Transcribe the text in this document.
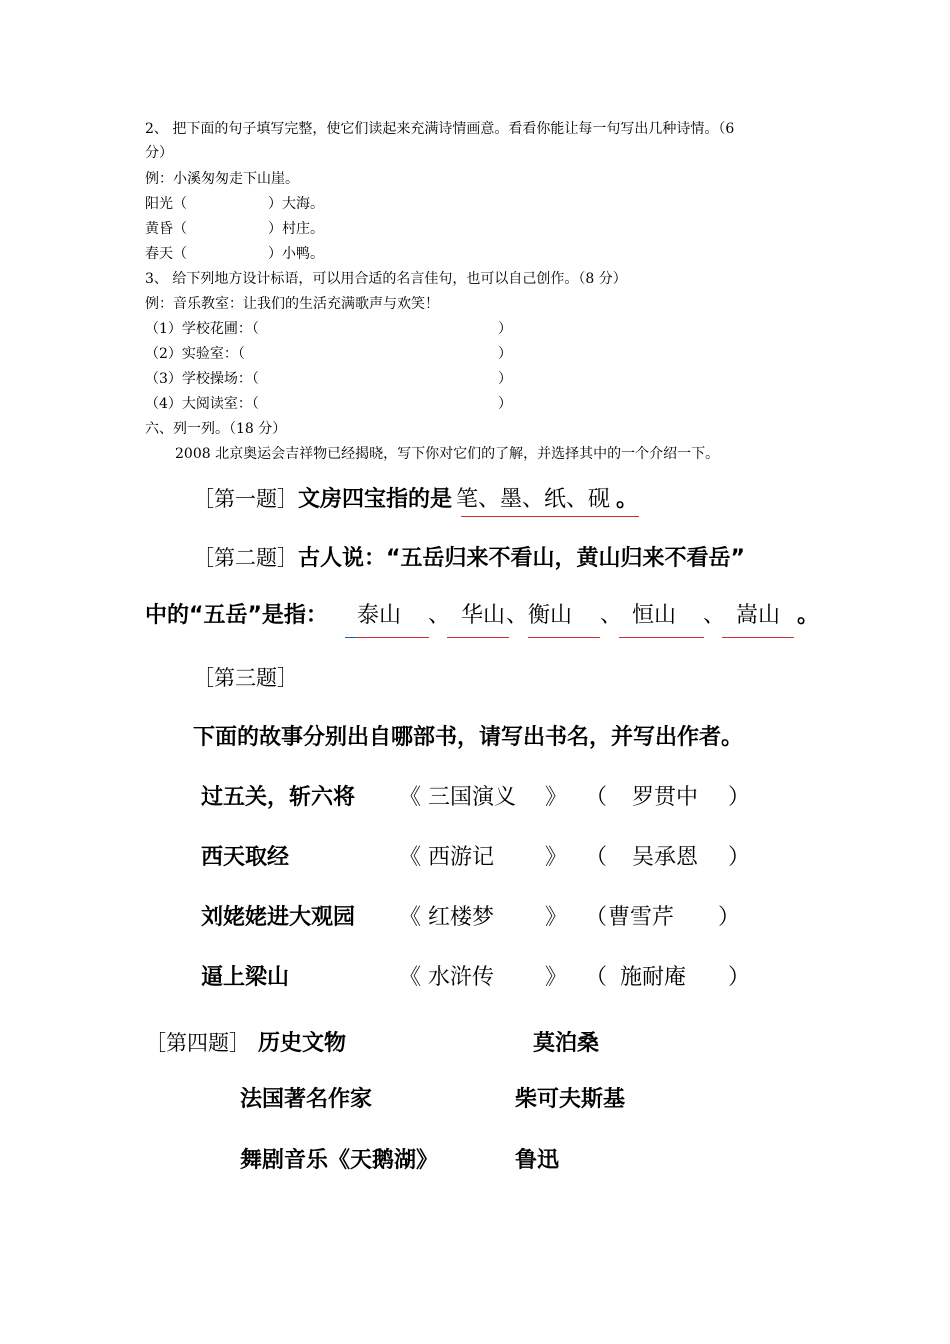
2、 把下面的句子填写完整，使它们读起来充满诗情画意。看看你能让每一句写出几种诗情。（6
分）
例：小溪匆匆走下山崖。
阳光（	）大海。
黄昏（	）村庄。
春天（	）小鸭。
3、 给下列地方设计标语，可以用合适的名言佳句，也可以自己创作。（8 分）
例：音乐教室：让我们的生活充满歌声与欢笑！
（1）学校花圃：（	）
（2）实验室：（	）
（3）学校操场：（	）
（4）大阅读室：（	）
六、列一列。（18 分）
2008 北京奥运会吉祥物已经揭晓，写下你对它们的了解，并选择其中的一个介绍一下。
［第一题］文房四宝指的是 笔、墨、纸、砚 。
［第二题］古人说：“五岳归来不看山，黄山归来不看岳”
中的“五岳”是指： 泰山 、 华山 、 衡山 、 恒山 、 嵩山 。
［第三题］
下面的故事分别出自哪部书，请写出书名，并写出作者。
过五关，斩六将 《 三国演义 》 （ 罗贯中 ）
西天取经	《 西游记 》 （ 吴承恩 ）
刘姥姥进大观园 《 红楼梦 》 （ 曹雪芹 ）
逼上梁山	《 水浒传 》 （ 施耐庵 ）
［第四题］ 历史文物	莫泊桑
法国著名作家	柴可夫斯基
舞剧音乐《天鹅湖》	鲁迅
